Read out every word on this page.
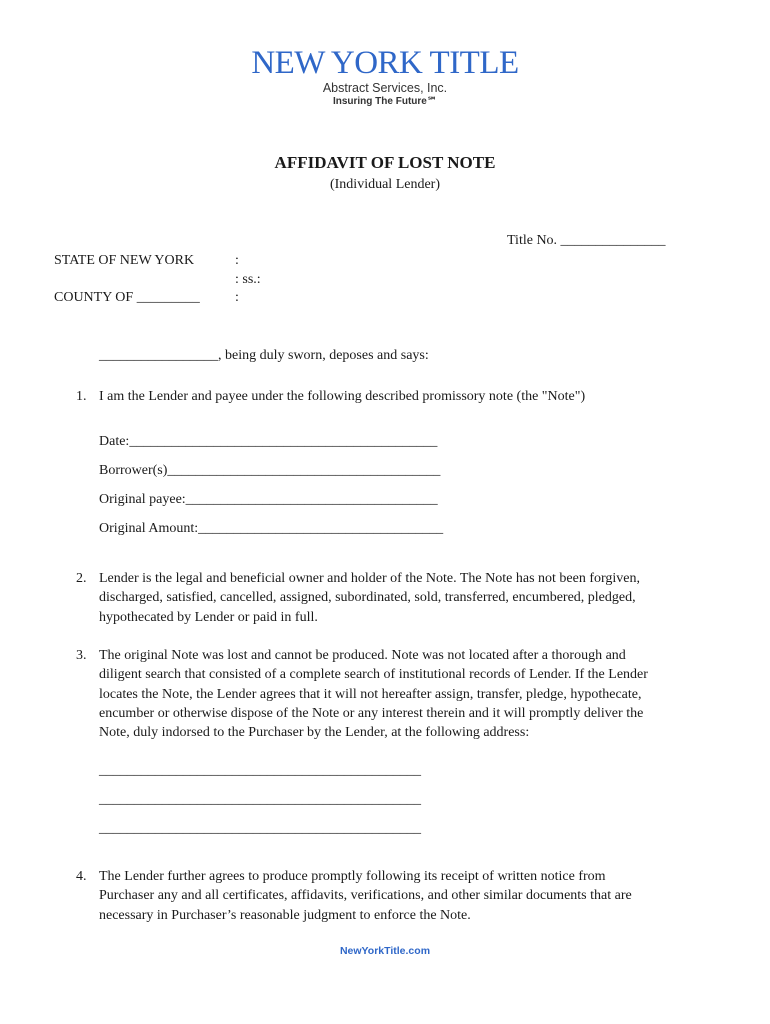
NEW YORK TITLE
Abstract Services, Inc.
Insuring The Future℠
AFFIDAVIT OF LOST NOTE
(Individual Lender)
Title No. _______________
STATE OF NEW YORK	:
: ss.:
COUNTY OF _________	:
_________________, being duly sworn, deposes and says:
1. I am the Lender and payee under the following described promissory note (the "Note")
Date:____________________________________________
Borrower(s)_______________________________________
Original payee:____________________________________
Original Amount:___________________________________
2. Lender is the legal and beneficial owner and holder of the Note. The Note has not been forgiven,
discharged, satisfied, cancelled, assigned, subordinated, sold, transferred, encumbered, pledged,
hypothecated by Lender or paid in full.
3. The original Note was lost and cannot be produced. Note was not located after a thorough and
diligent search that consisted of a complete search of institutional records of Lender. If the Lender
locates the Note, the Lender agrees that it will not hereafter assign, transfer, pledge, hypothecate,
encumber or otherwise dispose of the Note or any interest therein and it will promptly deliver the
Note, duly indorsed to the Purchaser by the Lender, at the following address:
______________________________________________
______________________________________________
______________________________________________
4. The Lender further agrees to produce promptly following its receipt of written notice from
Purchaser any and all certificates, affidavits, verifications, and other similar documents that are
necessary in Purchaser’s reasonable judgment to enforce the Note.
NewYorkTitle.com
